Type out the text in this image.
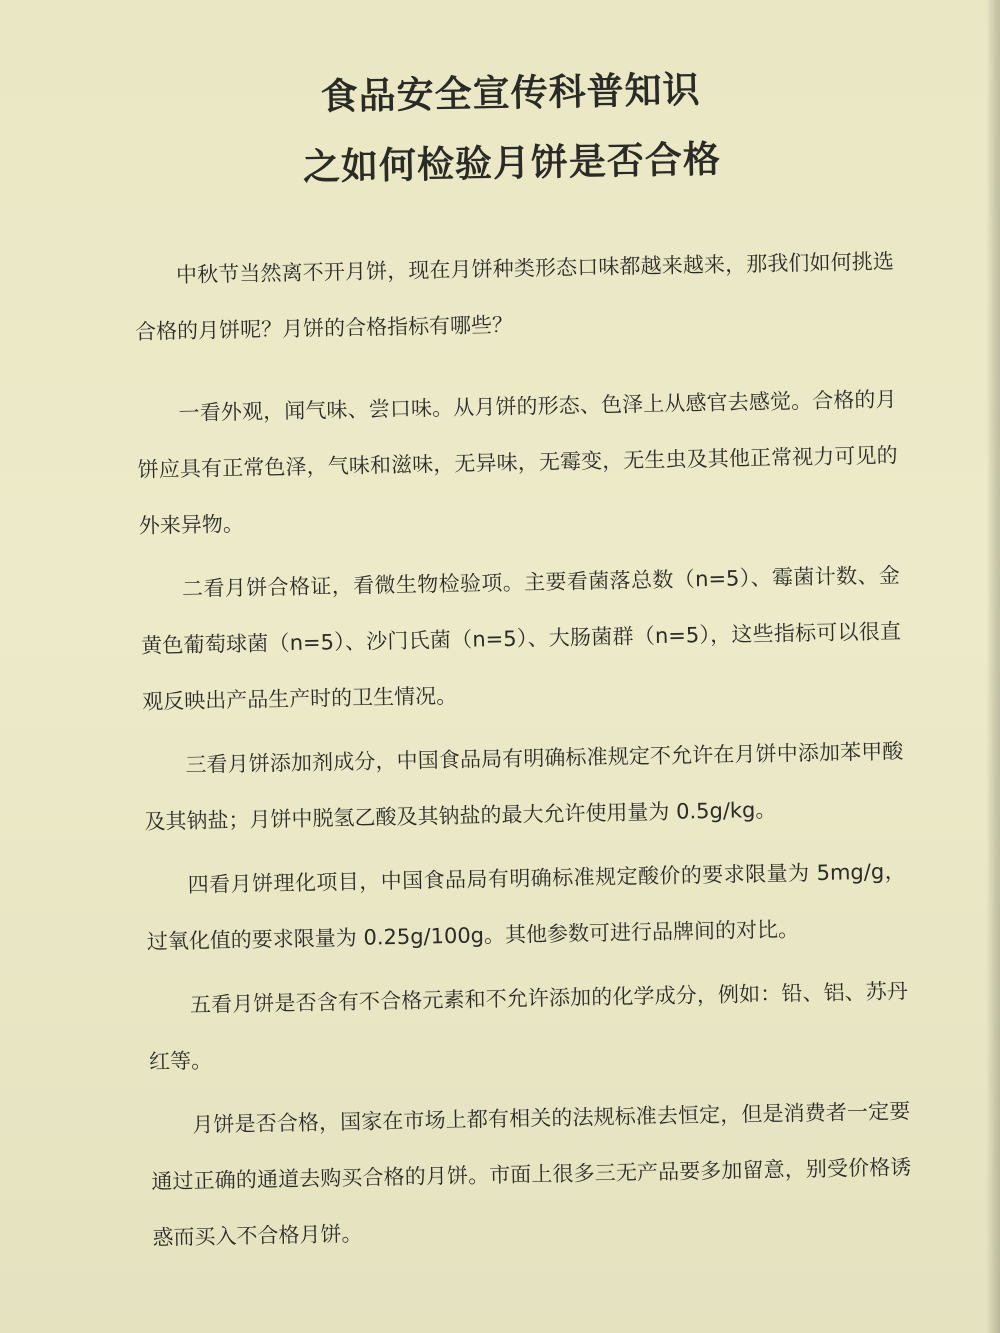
食品安全宣传科普知识
之如何检验月饼是否合格

中秋节当然离不开月饼，现在月饼种类形态口味都越来越来，那我们如何挑选合格的月饼呢？月饼的合格指标有哪些？

一看外观，闻气味、尝口味。从月饼的形态、色泽上从感官去感觉。合格的月饼应具有正常色泽，气味和滋味，无异味，无霉变，无生虫及其他正常视力可见的外来异物。

二看月饼合格证，看微生物检验项。主要看菌落总数（n=5）、霉菌计数、金黄色葡萄球菌（n=5）、沙门氏菌（n=5）、大肠菌群（n=5），这些指标可以很直观反映出产品生产时的卫生情况。

三看月饼添加剂成分，中国食品局有明确标准规定不允许在月饼中添加苯甲酸及其钠盐；月饼中脱氢乙酸及其钠盐的最大允许使用量为 0.5g/kg。

四看月饼理化项目，中国食品局有明确标准规定酸价的要求限量为 5mg/g，过氧化值的要求限量为 0.25g/100g。其他参数可进行品牌间的对比。

五看月饼是否含有不合格元素和不允许添加的化学成分，例如：铅、铝、苏丹红等。

月饼是否合格，国家在市场上都有相关的法规标准去恒定，但是消费者一定要通过正确的通道去购买合格的月饼。市面上很多三无产品要多加留意，别受价格诱惑而买入不合格月饼。
